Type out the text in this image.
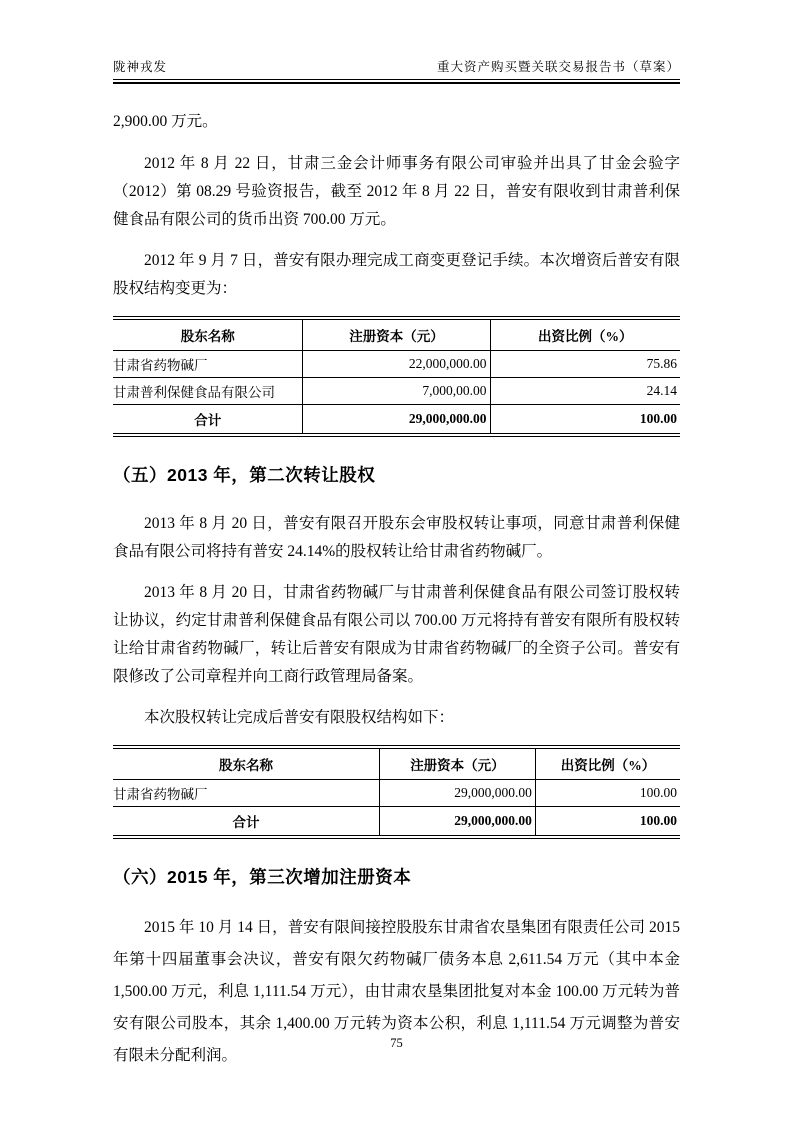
陇神戎发	重大资产购买暨关联交易报告书（草案）

2,900.00 万元。

2012 年 8 月 22 日，甘肃三金会计师事务有限公司审验并出具了甘金会验字（2012）第 08.29 号验资报告，截至 2012 年 8 月 22 日，普安有限收到甘肃普利保健食品有限公司的货币出资 700.00 万元。

2012 年 9 月 7 日，普安有限办理完成工商变更登记手续。本次增资后普安有限股权结构变更为：

股东名称	注册资本（元）	出资比例（%）
甘肃省药物碱厂	22,000,000.00	75.86
甘肃普利保健食品有限公司	7,000,00.00	24.14
合计	29,000,000.00	100.00
（五）2013 年，第二次转让股权

2013 年 8 月 20 日，普安有限召开股东会审股权转让事项，同意甘肃普利保健食品有限公司将持有普安 24.14%的股权转让给甘肃省药物碱厂。

2013 年 8 月 20 日，甘肃省药物碱厂与甘肃普利保健食品有限公司签订股权转让协议，约定甘肃普利保健食品有限公司以 700.00 万元将持有普安有限所有股权转让给甘肃省药物碱厂，转让后普安有限成为甘肃省药物碱厂的全资子公司。普安有限修改了公司章程并向工商行政管理局备案。

本次股权转让完成后普安有限股权结构如下：

股东名称	注册资本（元）	出资比例（%）
甘肃省药物碱厂	29,000,000.00	100.00
合计	29,000,000.00	100.00
（六）2015 年，第三次增加注册资本

2015 年 10 月 14 日，普安有限间接控股股东甘肃省农垦集团有限责任公司 2015 年第十四届董事会决议，普安有限欠药物碱厂债务本息 2,611.54 万元（其中本金 1,500.00 万元，利息 1,111.54 万元），由甘肃农垦集团批复对本金 100.00 万元转为普安有限公司股本，其余 1,400.00 万元转为资本公积，利息 1,111.54 万元调整为普安有限未分配利润。

75
